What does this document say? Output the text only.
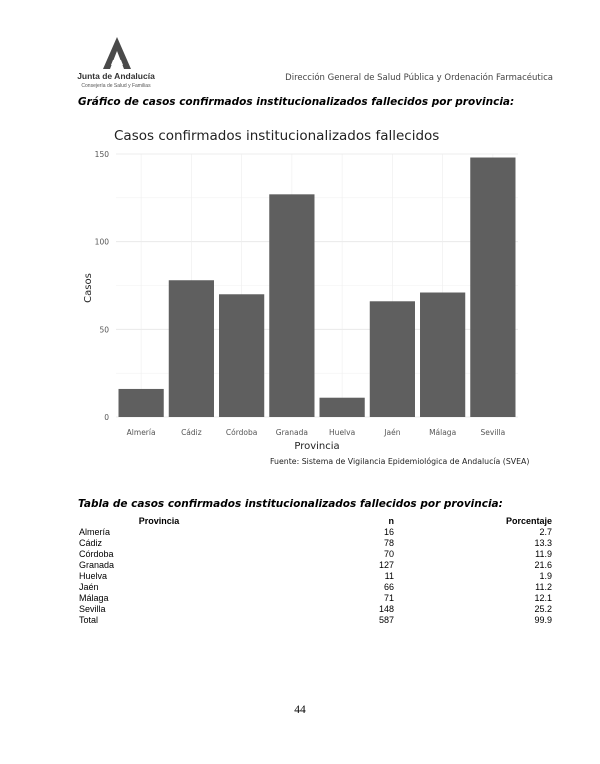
Junta de Andalucía
Consejería de Salud y Familias
Dirección General de Salud Pública y Ordenación Farmacéutica
Gráfico de casos confirmados institucionalizados fallecidos por provincia:
Casos confirmados institucionalizados fallecidos
0
50
100
150
Almería	Cádiz	Córdoba Granada	Huelva	Jaén	Málaga	Sevilla
Casos
Provincia
Fuente: Sistema de Vigilancia Epidemiológica de Andalucía (SVEA)
Tabla de casos confirmados institucionalizados fallecidos por provincia:
Provincia	n	Porcentaje
Almería	16	2.7
Cádiz	78	13.3
Córdoba	70	11.9
Granada	127	21.6
Huelva	11	1.9
Jaén	66	11.2
Málaga	71	12.1
Sevilla	148	25.2
Total	587	99.9
44
